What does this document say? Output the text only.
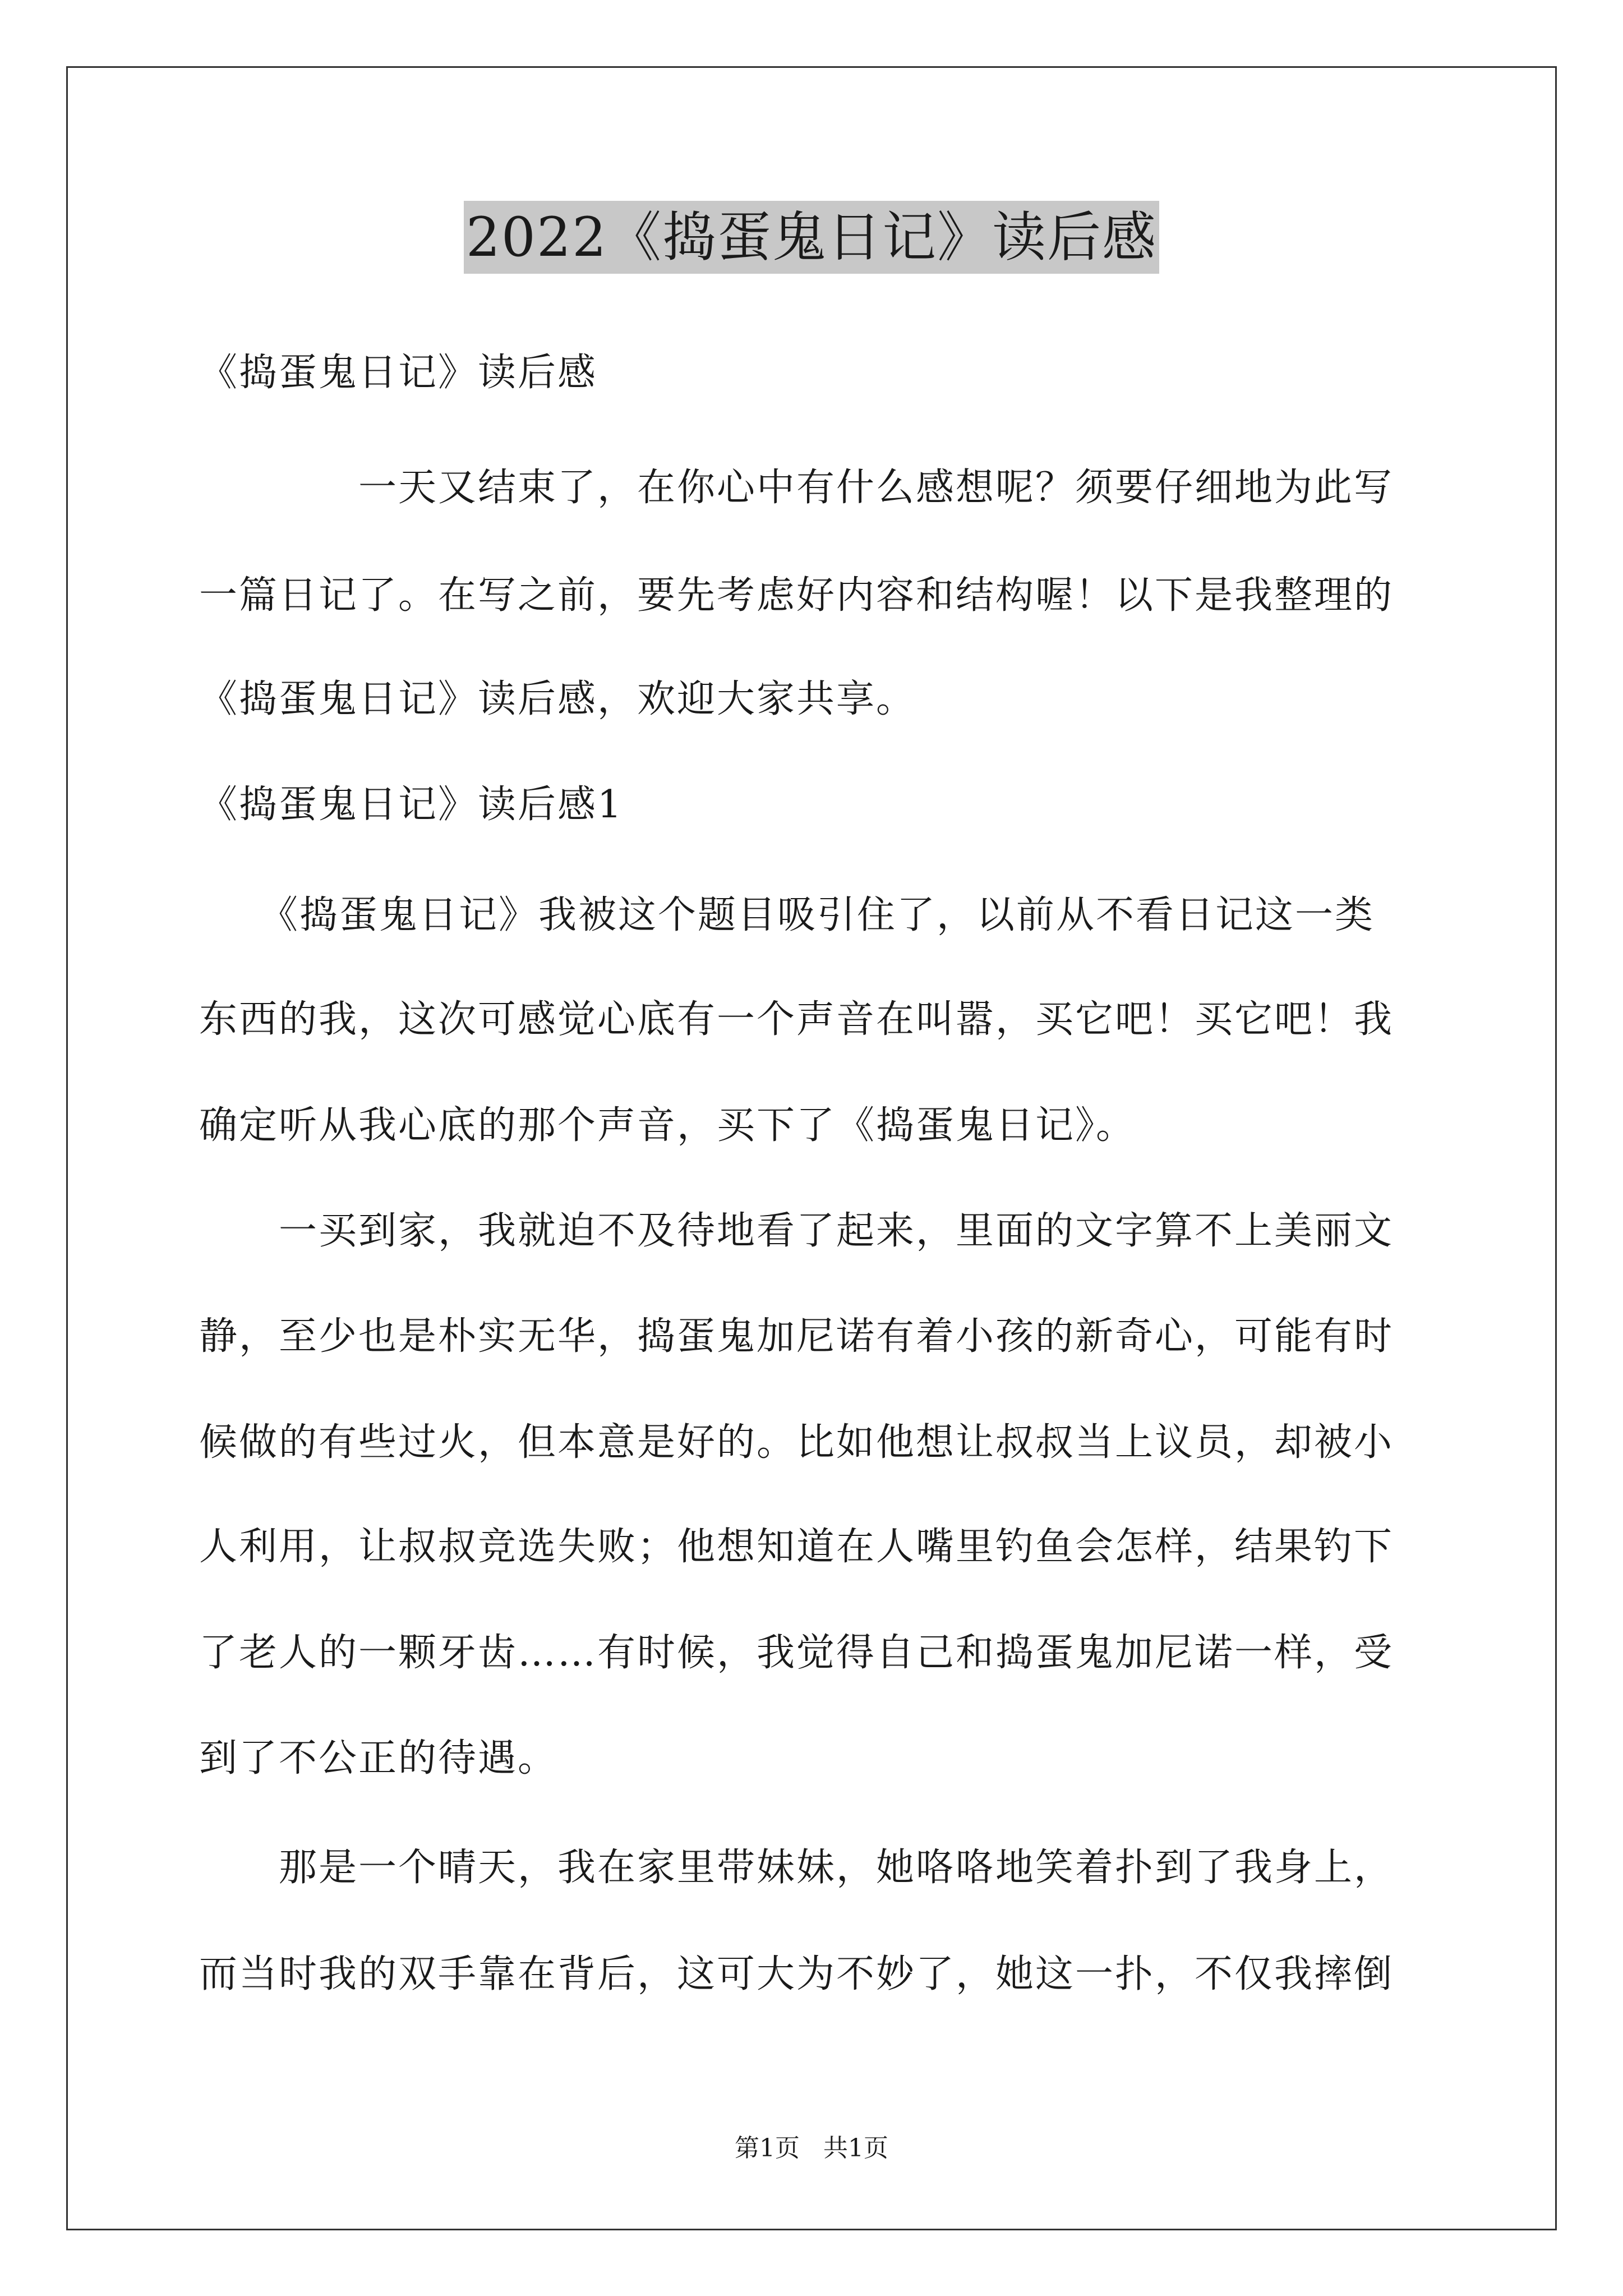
2022《捣蛋鬼日记》读后感
《捣蛋鬼日记》读后感
　　　　一天又结束了，在你心中有什么感想呢？须要仔细地为此写
一篇日记了。在写之前，要先考虑好内容和结构喔！以下是我整理的
《捣蛋鬼日记》读后感，欢迎大家共享。
《捣蛋鬼日记》读后感1
　　《捣蛋鬼日记》我被这个题目吸引住了，以前从不看日记这一类
东西的我，这次可感觉心底有一个声音在叫嚣，买它吧！买它吧！我
确定听从我心底的那个声音，买下了《捣蛋鬼日记》。
　　一买到家，我就迫不及待地看了起来，里面的文字算不上美丽文
静，至少也是朴实无华，捣蛋鬼加尼诺有着小孩的新奇心，可能有时
候做的有些过火，但本意是好的。比如他想让叔叔当上议员，却被小
人利用，让叔叔竞选失败；他想知道在人嘴里钓鱼会怎样，结果钓下
了老人的一颗牙齿……有时候，我觉得自己和捣蛋鬼加尼诺一样，受
到了不公正的待遇。
　　那是一个晴天，我在家里带妹妹，她咯咯地笑着扑到了我身上，
而当时我的双手靠在背后，这可大为不妙了，她这一扑，不仅我摔倒
第1页   共1页
